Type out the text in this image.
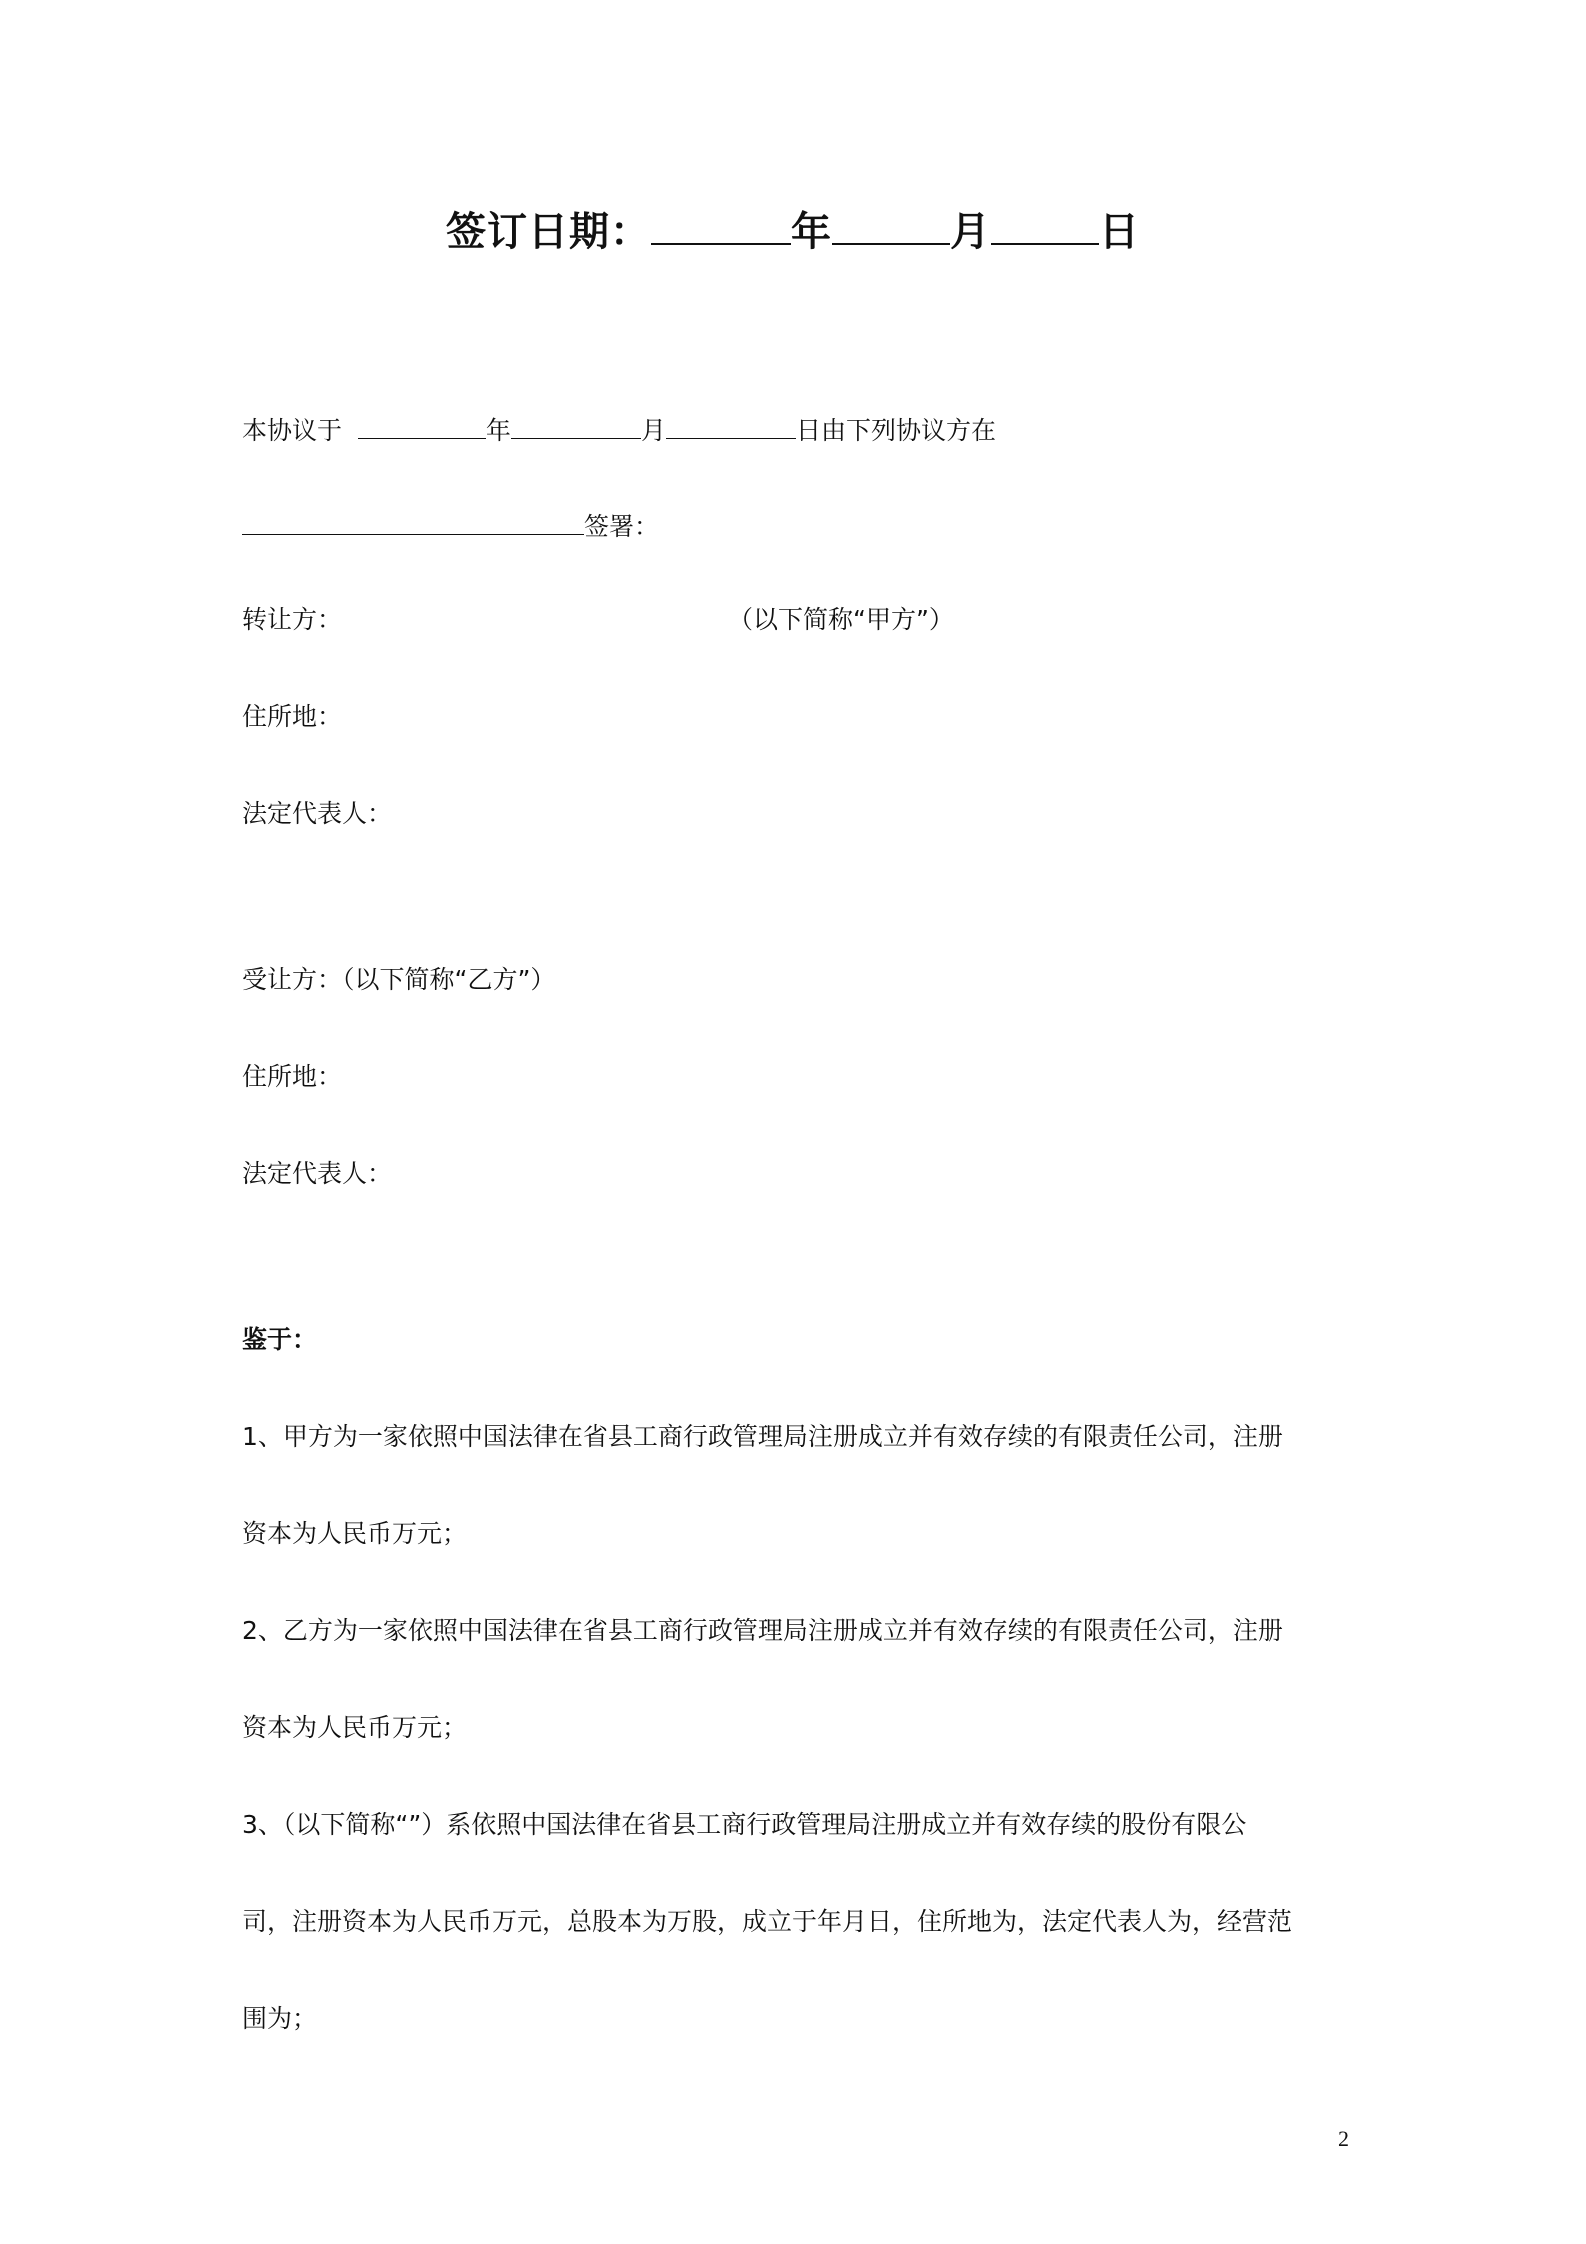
签订日期：	年	月	日
本协议于	年	月	日由下列协议方在
签署：
转让方：	（以下简称“甲方”）
住所地：
法定代表人：
受让方：（以下简称“乙方”）
住所地：
法定代表人：
鉴于：
1、甲方为一家依照中国法律在省县工商行政管理局注册成立并有效存续的有限责任公司，注册
资本为人民币万元；
2、乙方为一家依照中国法律在省县工商行政管理局注册成立并有效存续的有限责任公司，注册
资本为人民币万元；
3、（以下简称“”）系依照中国法律在省县工商行政管理局注册成立并有效存续的股份有限公
司，注册资本为人民币万元，总股本为万股，成立于年月日，住所地为，法定代表人为，经营范
围为；
2
